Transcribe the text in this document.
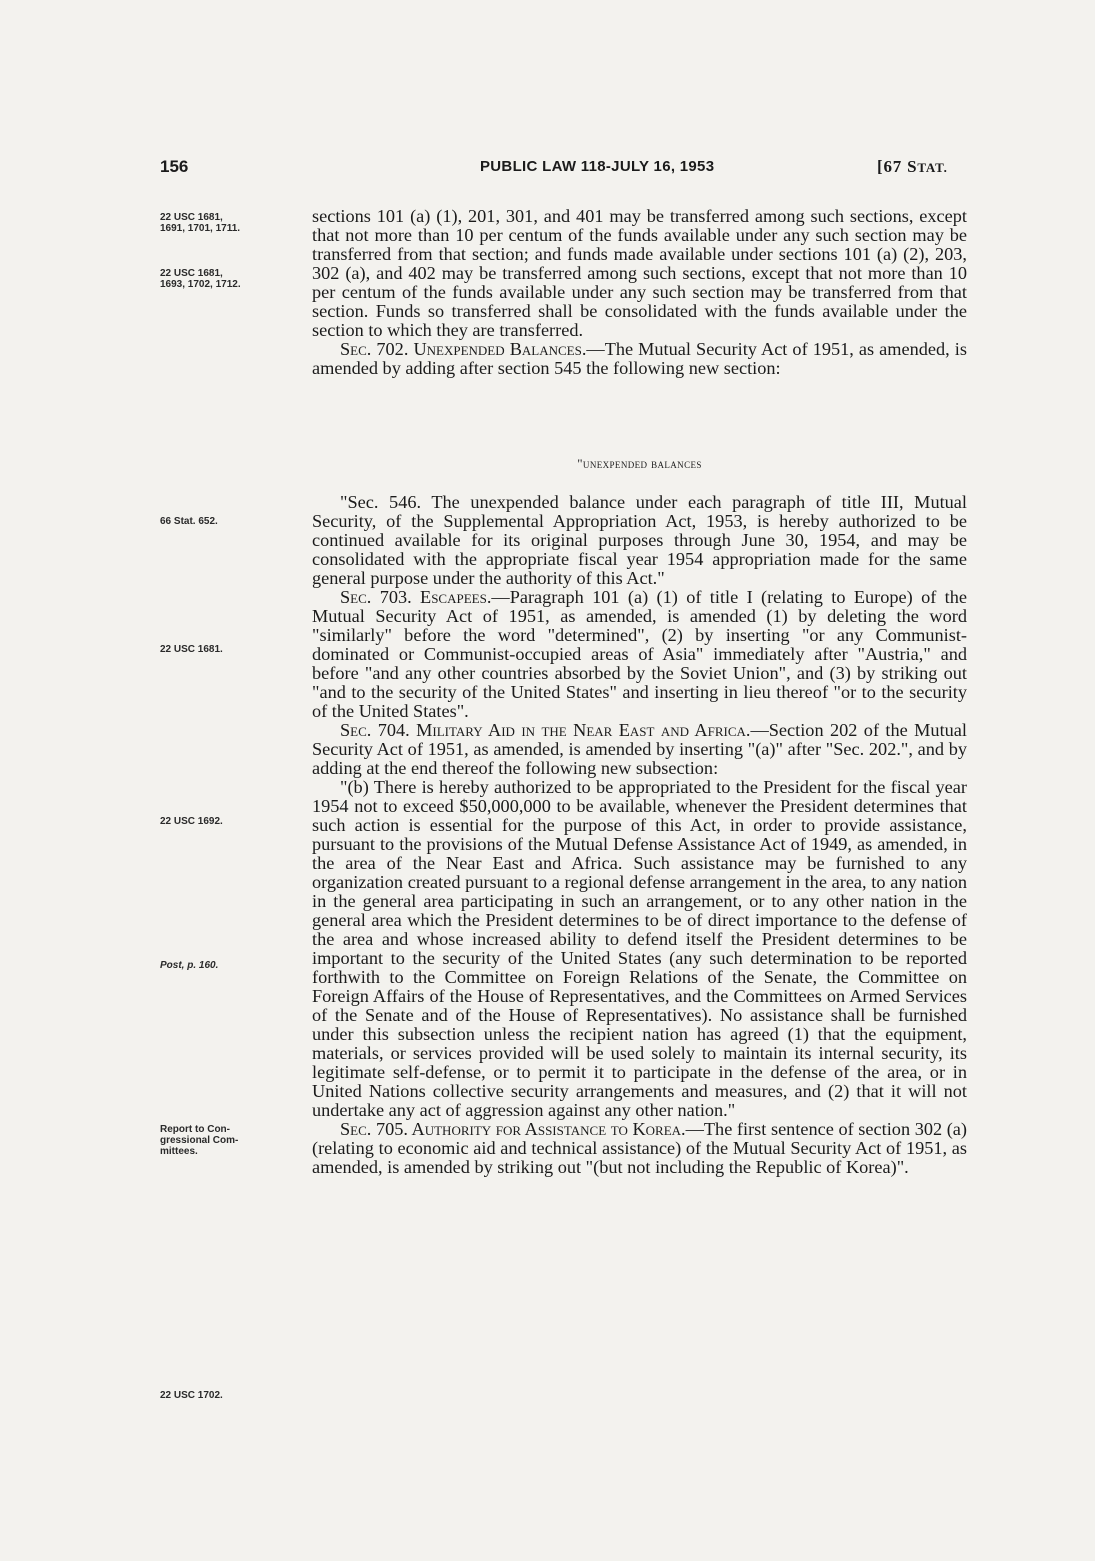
156	PUBLIC LAW 118-JULY 16, 1953	[67 STAT.
22 USC 1681,
1691, 1701, 1711.
22 USC 1681,
1693, 1702, 1712.
66 Stat. 652.
22 USC 1681.
22 USC 1692.
Post, p. 160.
Report to Con-
gressional Com-
mittees.
22 USC 1702.

sections 101 (a) (1), 201, 301, and 401 may be transferred among such sections, except that not more than 10 per centum of the funds available under any such section may be transferred from that section; and funds made available under sections 101 (a) (2), 203, 302 (a), and 402 may be transferred among such sections, except that not more than 10 per centum of the funds available under any such section may be transferred from that section. Funds so transferred shall be consolidated with the funds available under the section to which they are transferred.

Sec. 702. Unexpended Balances.—The Mutual Security Act of 1951, as amended, is amended by adding after section 545 the following new section:

"unexpended balances

"Sec. 546. The unexpended balance under each paragraph of title III, Mutual Security, of the Supplemental Appropriation Act, 1953, is hereby authorized to be continued available for its original purposes through June 30, 1954, and may be consolidated with the appropriate fiscal year 1954 appropriation made for the same general purpose under the authority of this Act."

Sec. 703. Escapees.—Paragraph 101 (a) (1) of title I (relating to Europe) of the Mutual Security Act of 1951, as amended, is amended (1) by deleting the word "similarly" before the word "determined", (2) by inserting "or any Communist-dominated or Communist-occupied areas of Asia" immediately after "Austria," and before "and any other countries absorbed by the Soviet Union", and (3) by striking out "and to the security of the United States" and inserting in lieu thereof "or to the security of the United States".

Sec. 704. Military Aid in the Near East and Africa.—Section 202 of the Mutual Security Act of 1951, as amended, is amended by inserting "(a)" after "Sec. 202.", and by adding at the end thereof the following new subsection:

"(b) There is hereby authorized to be appropriated to the President for the fiscal year 1954 not to exceed $50,000,000 to be available, whenever the President determines that such action is essential for the purpose of this Act, in order to provide assistance, pursuant to the provisions of the Mutual Defense Assistance Act of 1949, as amended, in the area of the Near East and Africa. Such assistance may be furnished to any organization created pursuant to a regional defense arrangement in the area, to any nation in the general area participating in such an arrangement, or to any other nation in the general area which the President determines to be of direct importance to the defense of the area and whose increased ability to defend itself the President determines to be important to the security of the United States (any such determination to be reported forthwith to the Committee on Foreign Relations of the Senate, the Committee on Foreign Affairs of the House of Representatives, and the Committees on Armed Services of the Senate and of the House of Representatives). No assistance shall be furnished under this subsection unless the recipient nation has agreed (1) that the equipment, materials, or services provided will be used solely to maintain its internal security, its legitimate self-defense, or to permit it to participate in the defense of the area, or in United Nations collective security arrangements and measures, and (2) that it will not undertake any act of aggression against any other nation."

Sec. 705. Authority for Assistance to Korea.—The first sentence of section 302 (a) (relating to economic aid and technical assistance) of the Mutual Security Act of 1951, as amended, is amended by striking out "(but not including the Republic of Korea)".
